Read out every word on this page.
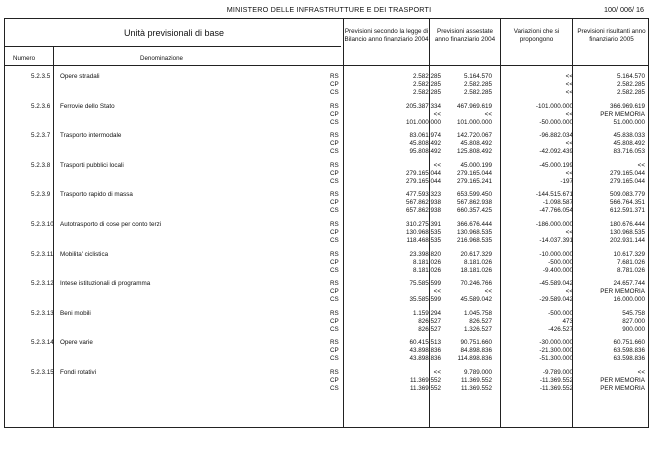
MINISTERO DELLE INFRASTRUTTURE E DEI TRASPORTI	100/ 006/ 16
Unità previsionali di base
Numero	Denominazione
Previsioni secondo la legge di Bilancio anno finanziario 2004
Previsioni assestate anno finanziario 2004
Variazioni che si propongono
Previsioni risultanti anno finanziario 2005
5.2.3.5 Opere stradali	RS	2.582.285	5.164.570	<<	5.164.570
CP	2.582.285	2.582.285	<<	2.582.285
CS	2.582.285	2.582.285	<<	2.582.285
5.2.3.6 Ferrovie dello Stato	RS	205.387.334	467.969.619	-101.000.000	366.969.619
CP	<<	<<	<<	PER MEMORIA
CS	101.000.000	101.000.000	-50.000.000	51.000.000
5.2.3.7 Trasporto intermodale	RS	83.061.974	142.720.067	-96.882.034	45.838.033
CP	45.808.492	45.808.492	<<	45.808.492
CS	95.808.492	125.808.492	-42.092.439	83.716.053
5.2.3.8 Trasporti pubblici locali	RS	<<	45.000.199	-45.000.199	<<
CP	279.165.044	279.165.044	<<	279.165.044
CS	279.165.044	279.165.241	-197	279.165.044
5.2.3.9 Trasporto rapido di massa	RS	477.593.323	653.599.450	-144.515.671	509.083.779
CP	567.862.938	567.862.938	-1.098.587	566.764.351
CS	657.862.938	660.357.425	-47.766.054	612.591.371
5.2.3.10 Autotrasporto di cose per conto terzi	RS	310.275.391	366.676.444	-186.000.000	180.676.444
CP	130.968.535	130.968.535	<<	130.968.535
CS	118.468.535	216.968.535	-14.037.391	202.931.144
5.2.3.11 Mobilita' ciclistica	RS	23.398.820	20.617.329	-10.000.000	10.617.329
CP	8.181.026	8.181.026	-500.000	7.681.026
CS	8.181.026	18.181.026	-9.400.000	8.781.026
5.2.3.12 Intese istituzionali di programma	RS	75.585.599	70.246.766	-45.589.042	24.657.744
CP	<<	<<	<<	PER MEMORIA
CS	35.585.599	45.589.042	-29.589.042	16.000.000
5.2.3.13 Beni mobili	RS	1.159.294	1.045.758	-500.000	545.758
CP	826.527	826.527	473	827.000
CS	826.527	1.326.527	-426.527	900.000
5.2.3.14 Opere varie	RS	60.415.513	90.751.660	-30.000.000	60.751.660
CP	43.898.836	84.898.836	-21.300.000	63.598.836
CS	43.898.836	114.898.836	-51.300.000	63.598.836
5.2.3.15 Fondi rotativi	RS	<<	9.789.000	-9.789.000	<<
CP	11.369.552	11.369.552	-11.369.552	PER MEMORIA
CS	11.369.552	11.369.552	-11.369.552	PER MEMORIA
